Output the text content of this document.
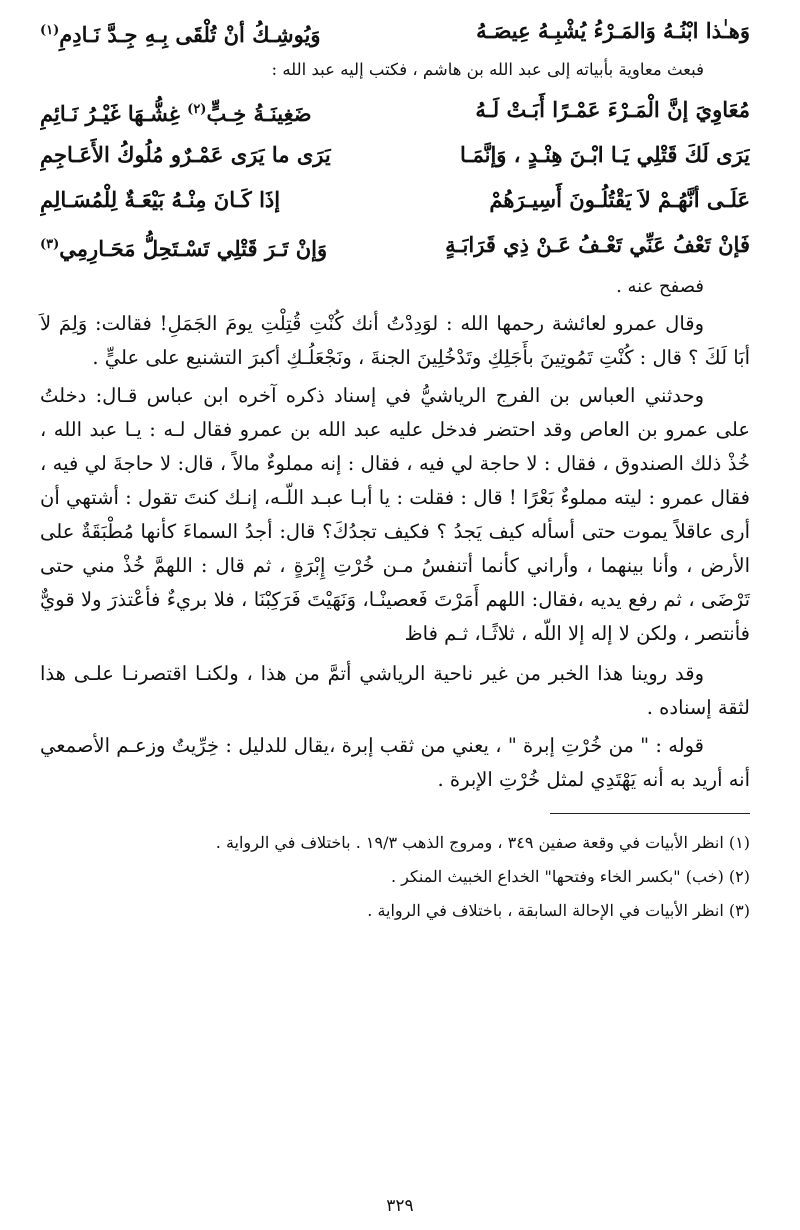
وَهـٰذا ابْنُـهُ وَالمَـرْءُ يُشْبِـهُ عِيصَـهُ
وَيُوشِـكُ أنْ تُلْقَى بِـهِ جِـدَّ نَـادِمِ$^{(١)}$
فبعث معاوية بأبياته إلى عبد الله بن هاشم ، فكتب إليه عبد الله :
مُعَاوِيَ إنَّ الْمَـرْءَ عَمْـرًا أَبَـتْ لَـهُ
ضَغِينَـةُ خِـبٍّ$^{(٢)}$ غِشُّـهَا غَيْـرُ نَـائِمِ
يَرَى لَكَ قَتْلِي يَـا ابْـنَ هِنْـدٍ ، وَإنَّمَـا
يَرَى ما يَرَى عَمْـرٌو مُلُوكُ الأَعَـاجِمِ
عَلَـى أنَّهُـمْ لاَ يَقْتُلُـونَ أَسِيـرَهُمْ
إذَا كَـانَ مِنْـهُ بَيْعَـةٌ لِلْمُسَـالِمِ
فَإنْ تَعْفُ عَنِّي تَعْـفُ عَـنْ ذِي قَرَابَـةٍ
وَإنْ تَـرَ قَتْلِي تَسْـتَحِلُّ مَحَـارِمِي$^{(٣)}$
فصفح عنه .

وقال عمرو لعائشة رحمها الله : لوَدِدْتُ أنك كُنْتِ قُتِلْتِ يومَ الجَمَلِ! فقالت: وَلِمَ لاَ أبَا لَكَ ؟ قال : كُنْتِ تَمُوتِينَ بأَجَلِكِ وتَدْخُلِينَ الجنةَ ، ونَجْعَلُـكِ أكبرَ التشنيع على عليٍّ .

وحدثني العباس بن الفرج الرياشيُّ في إسناد ذكره آخره ابن عباس قـال: دخلتُ على عمرو بن العاص وقد احتضر فدخل عليه عبد الله بن عمرو فقال لـه : يـا عبد الله ، خُذْ ذلك الصندوق ، فقال : لا حاجة لي فيه ، فقال : إنه مملوءٌ مالاً ، قال: لا حاجةَ لي فيه ، فقال عمرو : ليته مملوءٌ بَعْرًا ! قال : فقلت : يا أبـا عبـد اللّـه، إنـك كنتَ تقول : أشتهي أن أرى عاقلاً يموت حتى أسأله كيف يَجدُ ؟ فكيف تجدُكَ؟ قال: أجدُ السماءَ كأنها مُطْبَقَةٌ على الأرض ، وأنا بينهما ، وأراني كأنما أتنفسُ مـن خُرْتِ إِبْرَةٍ ، ثم قال : اللهمَّ خُذْ مني حتى تَرْضَى ، ثم رفع يديه ،فقال: اللهم أَمَرْتَ فَعصينْـا، وَنَهَيْتَ فَرَكِبْنَا ، فلا بريءٌ فأعْتذرَ ولا قويٌّ فأنتصر ، ولكن لا إله إلا اللّه ، ثلاثًـا، ثـم فاظ

وقد روينا هذا الخبر من غير ناحية الرياشي أتمَّ من هذا ، ولكنـا اقتصرنـا علـى هذا لثقة إسناده .

قوله : " من خُرْتِ إبرة " ، يعني من ثقب إبرة ،يقال للدليل : خِرِّيتٌ وزعـم الأصمعي أنه أريد به أنه يَهْتَدِي لمثل خُرْتِ الإبرة .

(١) انظر الأبيات في وقعة صفين ٣٤٩ ، ومروج الذهب ١٩/٣ . باختلاف في الرواية .
(٢) (خب) "بكسر الخاء وفتحها" الخداع الخبيث المنكر .
(٣) انظر الأبيات في الإحالة السابقة ، باختلاف في الرواية .
٣٢٩
